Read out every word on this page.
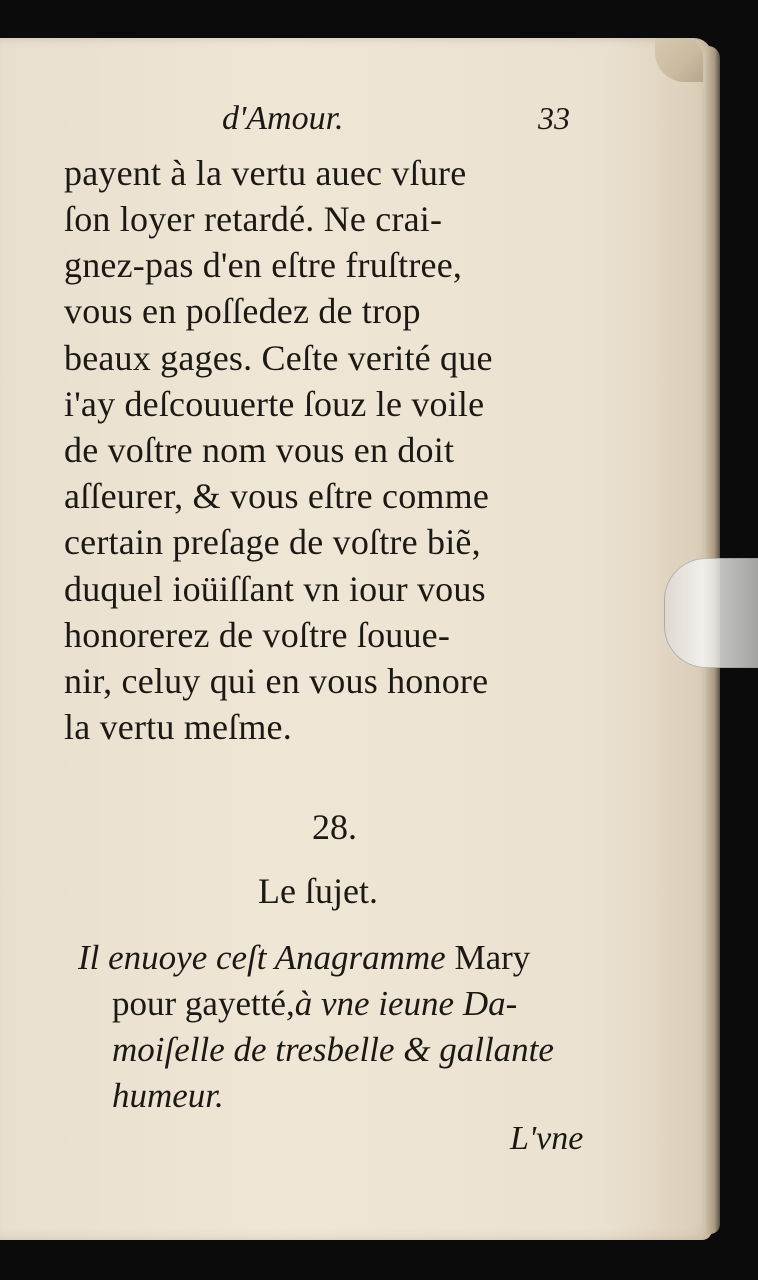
d'Amour.	33
payent à la vertu auec vſure
ſon loyer retardé. Ne crai-
gnez-pas d'en eſtre fruſtree,
vous en poſſedez de trop
beaux gages. Ceſte verité que
i'ay deſcouuerte ſouz le voile
de voſtre nom vous en doit
aſſeurer, & vous eſtre comme
certain preſage de voſtre biẽ,
duquel ioüiſſant vn iour vous
honorerez de voſtre ſouue-
nir, celuy qui en vous honore
la vertu meſme.
28.
Le ſujet.
Il enuoye ceſt Anagramme Mary
pour gayetté,à vne ieune Da-
moiſelle de tresbelle & gallante
humeur.
L'vne
